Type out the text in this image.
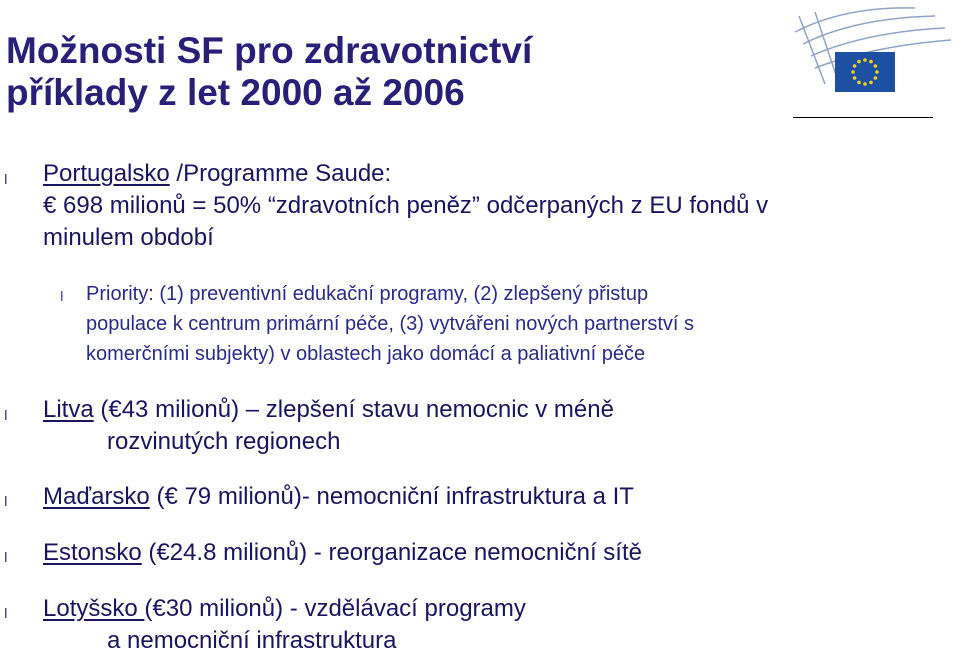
Možnosti SF pro zdravotnictví
příklady z let 2000 až 2006
l Portugalsko /Programme Saude:
€ 698 milionů = 50% “zdravotních peněz” odčerpaných z EU fondů v
minulem období
l Priority: (1) preventivní edukační programy, (2) zlepšený přistup
populace k centrum primární péče, (3) vytvářeni nových partnerství s
komerčními subjekty) v oblastech jako domácí a paliativní péče
l Litva (€43 milionů) – zlepšení stavu nemocnic v méně
rozvinutých regionech
l Maďarsko (€ 79 milionů)- nemocniční infrastruktura a IT
l Estonsko (€24.8 milionů) - reorganizace nemocniční sítě
l Lotyšsko (€30 milionů) - vzdělávací programy
a nemocniční infrastruktura
